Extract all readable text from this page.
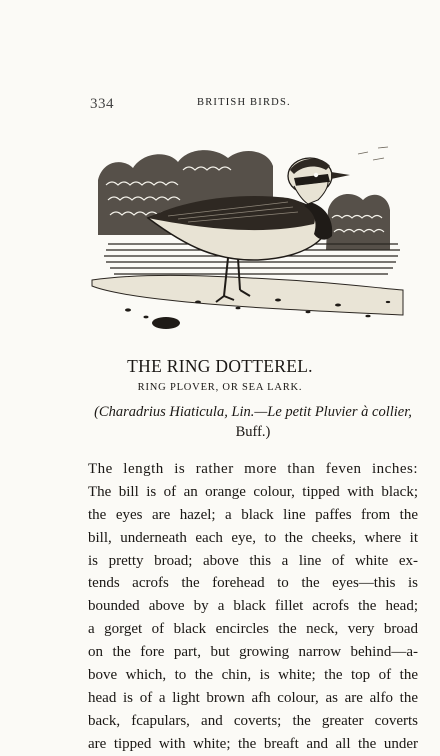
334	BRITISH BIRDS.
THE RING DOTTEREL.
RING PLOVER, OR SEA LARK.
(Charadrius Hiaticula, Lin.—Le petit Pluvier à collier,
Buff.)
The length is rather more than feven inches:
The bill is of an orange colour, tipped with black;
the eyes are hazel; a black line paffes from the
bill, underneath each eye, to the cheeks, where it
is pretty broad; above this a line of white ex-
tends acrofs the forehead to the eyes—this is
bounded above by a black fillet acrofs the head;
a gorget of black encircles the neck, very broad
on the fore part, but growing narrow behind—a-
bove which, to the chin, is white; the top of the
head is of a light brown afh colour, as are alfo the
back, fcapulars, and coverts; the greater coverts
are tipped with white; the breaft and all the under
